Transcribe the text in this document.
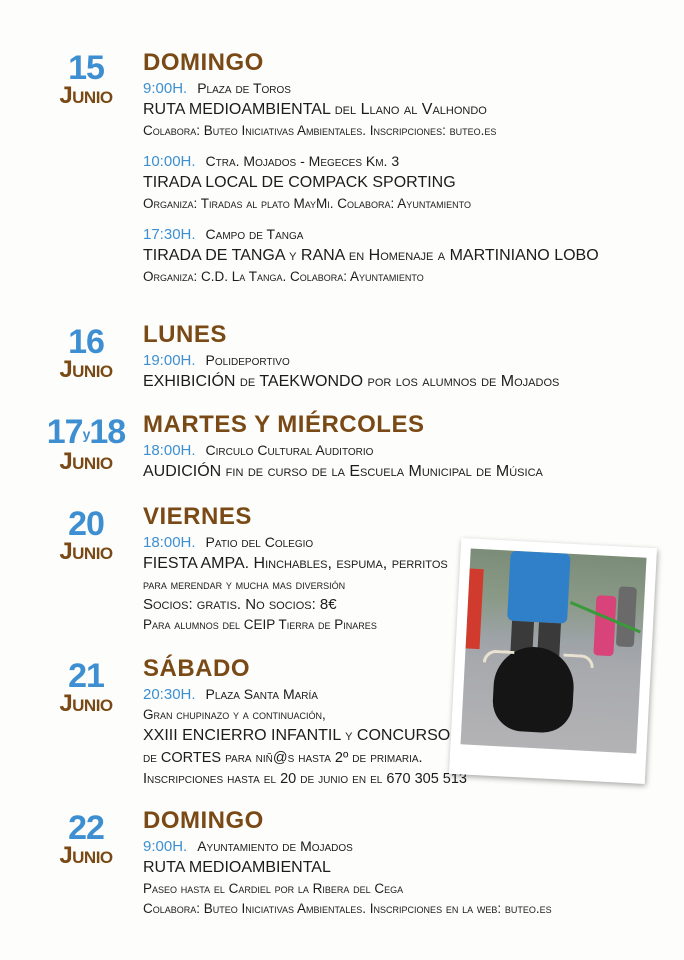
15
Junio
DOMINGO
9:00H. Plaza de Toros
RUTA MEDIOAMBIENTAL del Llano al Valhondo
Colabora: Buteo Iniciativas Ambientales. Inscripciones: buteo.es
10:00H. Ctra. Mojados - Megeces Km. 3
TIRADA LOCAL DE COMPACK SPORTING
Organiza: Tiradas al plato MayMi. Colabora: Ayuntamiento
17:30H. Campo de Tanga
TIRADA DE TANGA y RANA en Homenaje a MARTINIANO LOBO
Organiza: C.D. La Tanga. Colabora: Ayuntamiento
16
Junio
LUNES
19:00H. Polideportivo
EXHIBICIÓN de TAEKWONDO por los alumnos de Mojados
17y18
Junio
MARTES Y MIÉRCOLES
18:00H. Circulo Cultural Auditorio
AUDICIÓN fin de curso de la Escuela Municipal de Música
20
Junio
VIERNES
18:00H. Patio del Colegio
FIESTA AMPA. Hinchables, espuma, perritos
para merendar y mucha mas diversión
Socios: gratis. No socios: 8€
Para alumnos del CEIP Tierra de Pinares
21
Junio
SÁBADO
20:30H. Plaza Santa María
Gran chupinazo y a continuación,
XXIII ENCIERRO INFANTIL y CONCURSO
de CORTES para niñ@s hasta 2º de primaria.
Inscripciones hasta el 20 de junio en el 670 305 513
22
Junio
DOMINGO
9:00H. Ayuntamiento de Mojados
RUTA MEDIOAMBIENTAL
Paseo hasta el Cardiel por la Ribera del Cega
Colabora: Buteo Iniciativas Ambientales. Inscripciones en la web: buteo.es
